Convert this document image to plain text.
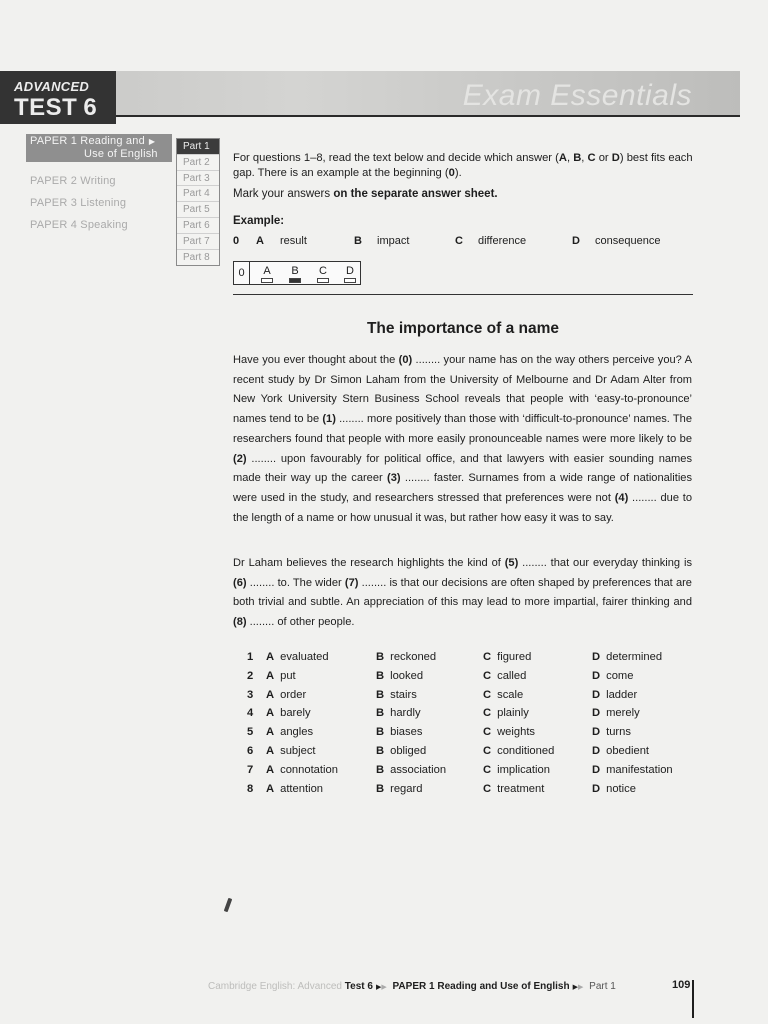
Exam Essentials
ADVANCED
TEST 6
PAPER 1 Reading and ▶
Use of English
PAPER 2 Writing
PAPER 3 Listening
PAPER 4 Speaking
Part 1
Part 2
Part 3
Part 4
Part 5
Part 6
Part 7
Part 8
For questions 1–8, read the text below and decide which answer (A, B, C or D) best fits each gap. There is an example at the beginning (0).
Mark your answers on the separate answer sheet.
Example:
0 A result	B impact	C difference	D consequence
0	A	B	C D
The importance of a name
Have you ever thought about the (0) ........ your name has on the way others perceive you? A recent study by Dr Simon Laham from the University of Melbourne and Dr Adam Alter from New York University Stern Business School reveals that people with ‘easy-to-pronounce’ names tend to be (1) ........ more positively than those with ‘difficult-to-pronounce’ names. The researchers found that people with more easily pronounceable names were more likely to be (2) ........ upon favourably for political office, and that lawyers with easier sounding names made their way up the career (3) ........ faster. Surnames from a wide range of nationalities were used in the study, and researchers stressed that preferences were not (4) ........ due to the length of a name or how unusual it was, but rather how easy it was to say.
Dr Laham believes the research highlights the kind of (5) ........ that our everyday thinking is (6) ........ to. The wider (7) ........ is that our decisions are often shaped by preferences that are both trivial and subtle. An appreciation of this may lead to more impartial, fairer thinking and (8) ........ of other people.
1 A evaluated	B reckoned	C figured	D determined
2 A put	B looked	C called	D come
3 A order	B stairs	C scale	D ladder
4 A barely	B hardly	C plainly	D merely
5 A angles	B biases	C weights	D turns
6 A subject	B obliged	C conditioned	D obedient
7 A connotation	B association	C implication	D manifestation
8 A attention	B regard	C treatment	D notice
Cambridge English: Advanced Test 6 ▶▶ PAPER 1 Reading and Use of English ▶▶ Part 1	109
